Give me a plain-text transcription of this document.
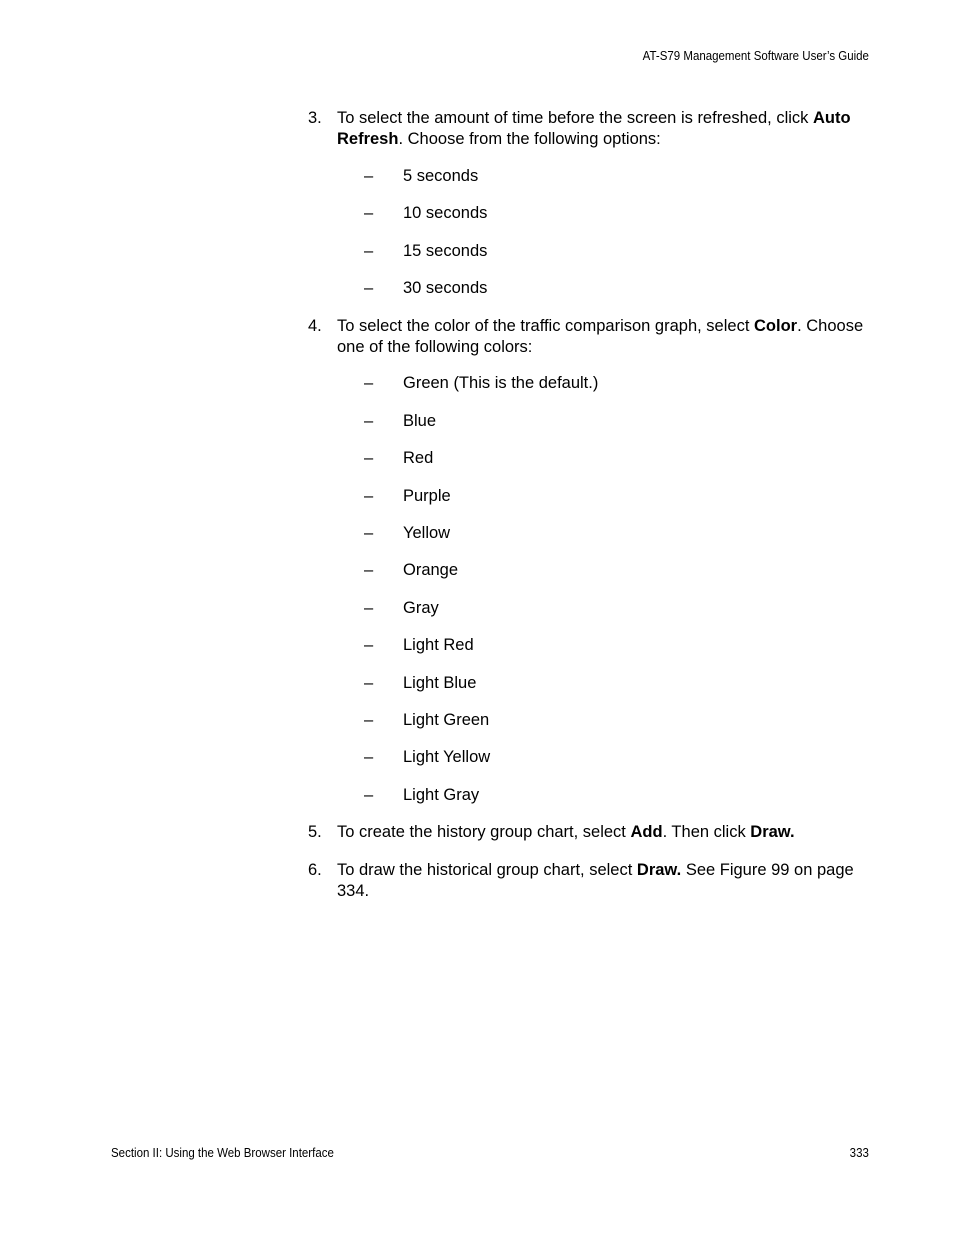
AT-S79 Management Software User’s Guide
3. To select the amount of time before the screen is refreshed, click Auto Refresh. Choose from the following options:
– 5 seconds
– 10 seconds
– 15 seconds
– 30 seconds
4. To select the color of the traffic comparison graph, select Color. Choose one of the following colors:
– Green (This is the default.)
– Blue
– Red
– Purple
– Yellow
– Orange
– Gray
– Light Red
– Light Blue
– Light Green
– Light Yellow
– Light Gray
5. To create the history group chart, select Add. Then click Draw.
6. To draw the historical group chart, select Draw. See Figure 99 on page 334.
Section II: Using the Web Browser Interface	333
